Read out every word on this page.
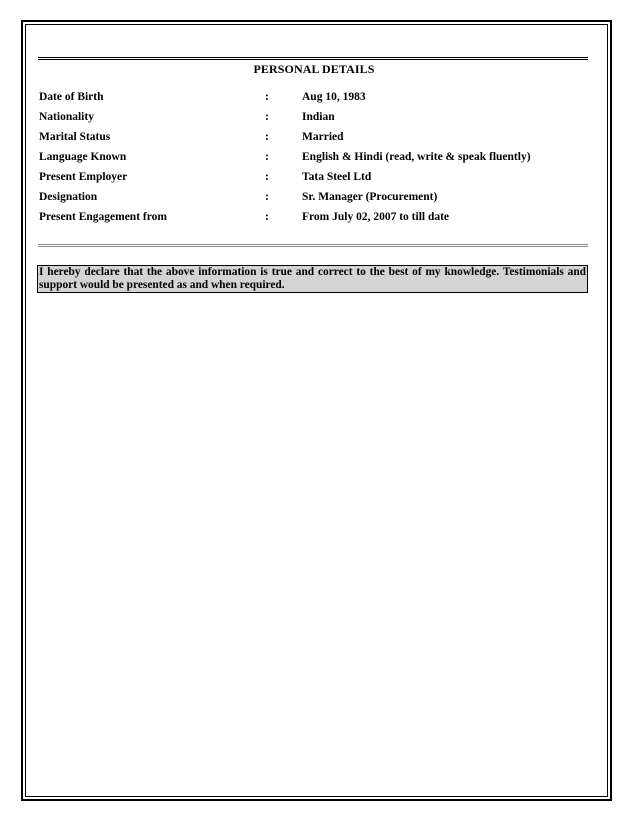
PERSONAL DETAILS
Date of Birth	:	Aug 10, 1983
Nationality	:	Indian
Marital Status	:	Married
Language Known	:	English & Hindi (read, write & speak fluently)
Present Employer	:	Tata Steel Ltd
Designation	:	Sr. Manager (Procurement)
Present Engagement from	:	From July 02, 2007 to till date
I hereby declare that the above information is true and correct to the best of my knowledge. Testimonials and support would be presented as and when required.
